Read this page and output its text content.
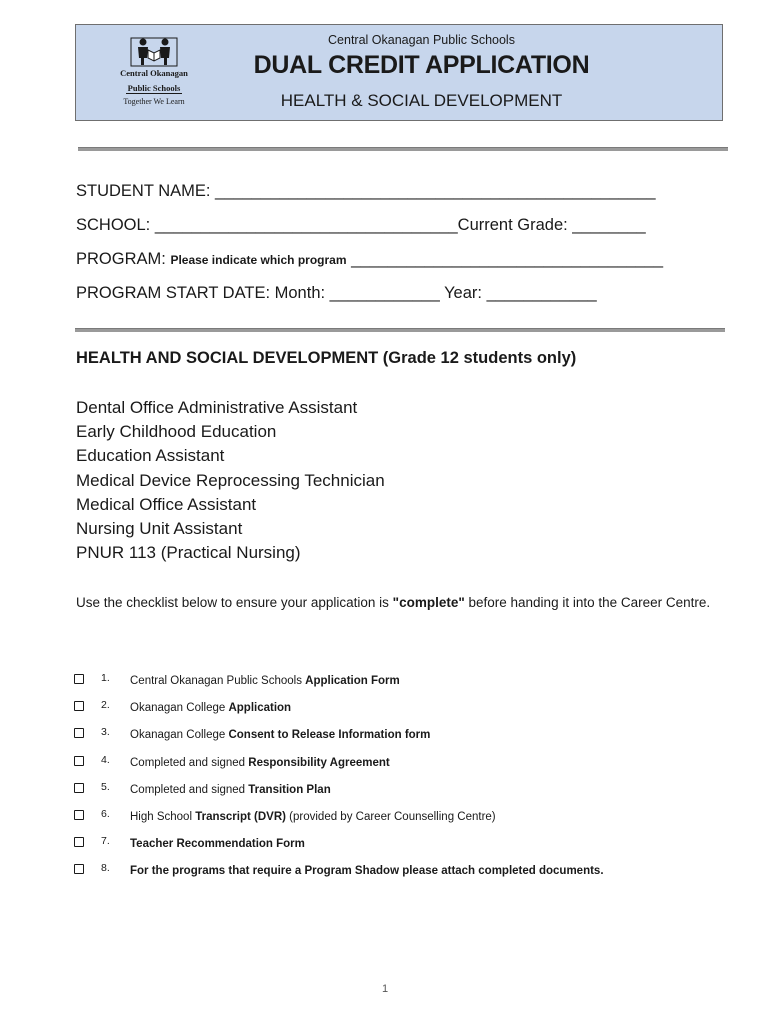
Central Okanagan
Public Schools
Together We Learn
Central Okanagan Public Schools
DUAL CREDIT APPLICATION
HEALTH & SOCIAL DEVELOPMENT
STUDENT NAME: ________________________________________________
SCHOOL: _________________________________Current Grade: ________
PROGRAM: Please indicate which program __________________________________
PROGRAM START DATE: Month: ____________ Year: ____________
HEALTH AND SOCIAL DEVELOPMENT (Grade 12 students only)
Dental Office Administrative Assistant
Early Childhood Education
Education Assistant
Medical Device Reprocessing Technician
Medical Office Assistant
Nursing Unit Assistant
PNUR 113 (Practical Nursing)
Use the checklist below to ensure your application is "complete" before handing it into the Career Centre.
1. Central Okanagan Public Schools Application Form
2. Okanagan College Application
3. Okanagan College Consent to Release Information form
4. Completed and signed Responsibility Agreement
5. Completed and signed Transition Plan
6. High School Transcript (DVR) (provided by Career Counselling Centre)
7. Teacher Recommendation Form
8. For the programs that require a Program Shadow please attach completed documents.
1
